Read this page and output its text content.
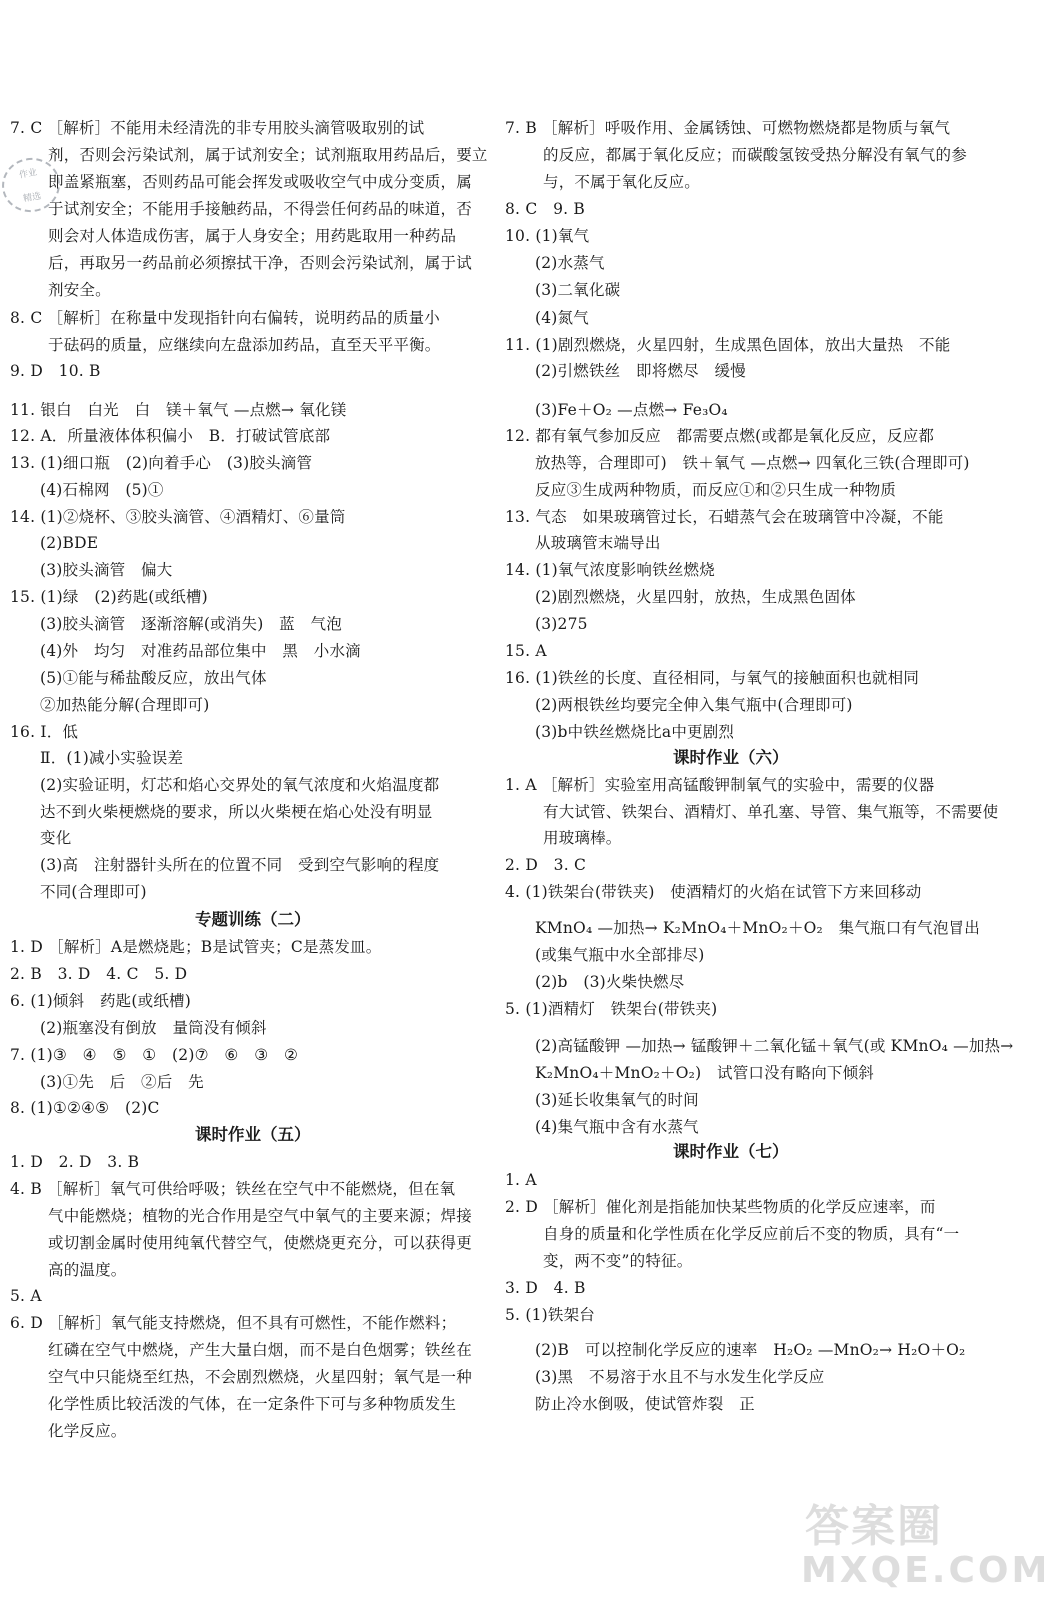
作业
精选
7. C ［解析］不能用未经清洗的非专用胶头滴管吸取别的试
剂，否则会污染试剂，属于试剂安全；试剂瓶取用药品后，要立
即盖紧瓶塞，否则药品可能会挥发或吸收空气中成分变质，属
于试剂安全；不能用手接触药品，不得尝任何药品的味道，否
则会对人体造成伤害，属于人身安全；用药匙取用一种药品
后，再取另一药品前必须擦拭干净，否则会污染试剂，属于试
剂安全。
8. C ［解析］在称量中发现指针向右偏转，说明药品的质量小
于砝码的质量，应继续向左盘添加药品，直至天平平衡。
9. D　10. B
11. 银白　白光　白　镁＋氧气 —点燃→ 氧化镁
12. A．所量液体体积偏小　B．打破试管底部
13. (1)细口瓶　(2)向着手心　(3)胶头滴管
(4)石棉网　(5)①
14. (1)②烧杯、③胶头滴管、④酒精灯、⑥量筒
(2)BDE
(3)胶头滴管　偏大
15. (1)绿　(2)药匙(或纸槽)
(3)胶头滴管　逐渐溶解(或消失)　蓝　气泡
(4)外　均匀　对准药品部位集中　黑　小水滴
(5)①能与稀盐酸反应，放出气体
②加热能分解(合理即可)
16. Ⅰ．低
Ⅱ．(1)减小实验误差
(2)实验证明，灯芯和焰心交界处的氧气浓度和火焰温度都
达不到火柴梗燃烧的要求，所以火柴梗在焰心处没有明显
变化
(3)高　注射器针头所在的位置不同　受到空气影响的程度
不同(合理即可)
专题训练（二）
1. D ［解析］A是燃烧匙；B是试管夹；C是蒸发皿。
2. B　3. D　4. C　5. D
6. (1)倾斜　药匙(或纸槽)
(2)瓶塞没有倒放　量筒没有倾斜
7. (1)③　④　⑤　①　(2)⑦　⑥　③　②
(3)①先　后　②后　先
8. (1)①②④⑤　(2)C
课时作业（五）
1. D　2. D　3. B
4. B ［解析］氧气可供给呼吸；铁丝在空气中不能燃烧，但在氧
气中能燃烧；植物的光合作用是空气中氧气的主要来源；焊接
或切割金属时使用纯氧代替空气，使燃烧更充分，可以获得更
高的温度。
5. A
6. D ［解析］氧气能支持燃烧，但不具有可燃性，不能作燃料；
红磷在空气中燃烧，产生大量白烟，而不是白色烟雾；铁丝在
空气中只能烧至红热，不会剧烈燃烧，火星四射；氧气是一种
化学性质比较活泼的气体，在一定条件下可与多种物质发生
化学反应。
7. B ［解析］呼吸作用、金属锈蚀、可燃物燃烧都是物质与氧气
的反应，都属于氧化反应；而碳酸氢铵受热分解没有氧气的参
与，不属于氧化反应。
8. C　9. B
10. (1)氧气
(2)水蒸气
(3)二氧化碳
(4)氮气
11. (1)剧烈燃烧，火星四射，生成黑色固体，放出大量热　不能
(2)引燃铁丝　即将燃尽　缓慢
(3)Fe＋O₂ —点燃→ Fe₃O₄
12. 都有氧气参加反应　都需要点燃(或都是氧化反应，反应都
放热等，合理即可)　铁＋氧气 —点燃→ 四氧化三铁(合理即可)
反应③生成两种物质，而反应①和②只生成一种物质
13. 气态　如果玻璃管过长，石蜡蒸气会在玻璃管中冷凝，不能
从玻璃管末端导出
14. (1)氧气浓度影响铁丝燃烧
(2)剧烈燃烧，火星四射，放热，生成黑色固体
(3)275
15. A
16. (1)铁丝的长度、直径相同，与氧气的接触面积也就相同
(2)两根铁丝均要完全伸入集气瓶中(合理即可)
(3)b中铁丝燃烧比a中更剧烈
课时作业（六）
1. A ［解析］实验室用高锰酸钾制氧气的实验中，需要的仪器
有大试管、铁架台、酒精灯、单孔塞、导管、集气瓶等，不需要使
用玻璃棒。
2. D　3. C
4. (1)铁架台(带铁夹)　使酒精灯的火焰在试管下方来回移动
KMnO₄ —加热→ K₂MnO₄＋MnO₂＋O₂　集气瓶口有气泡冒出
(或集气瓶中水全部排尽)
(2)b　(3)火柴快燃尽
5. (1)酒精灯　铁架台(带铁夹)
(2)高锰酸钾 —加热→ 锰酸钾＋二氧化锰＋氧气(或 KMnO₄ —加热→
K₂MnO₄＋MnO₂＋O₂)　试管口没有略向下倾斜
(3)延长收集氧气的时间
(4)集气瓶中含有水蒸气
课时作业（七）
1. A
2. D ［解析］催化剂是指能加快某些物质的化学反应速率，而
自身的质量和化学性质在化学反应前后不变的物质，具有“一
变，两不变”的特征。
3. D　4. B
5. (1)铁架台
(2)B　可以控制化学反应的速率　H₂O₂ —MnO₂→ H₂O＋O₂
(3)黑　不易溶于水且不与水发生化学反应
防止冷水倒吸，使试管炸裂　正
答案圈
MXQE.COM
